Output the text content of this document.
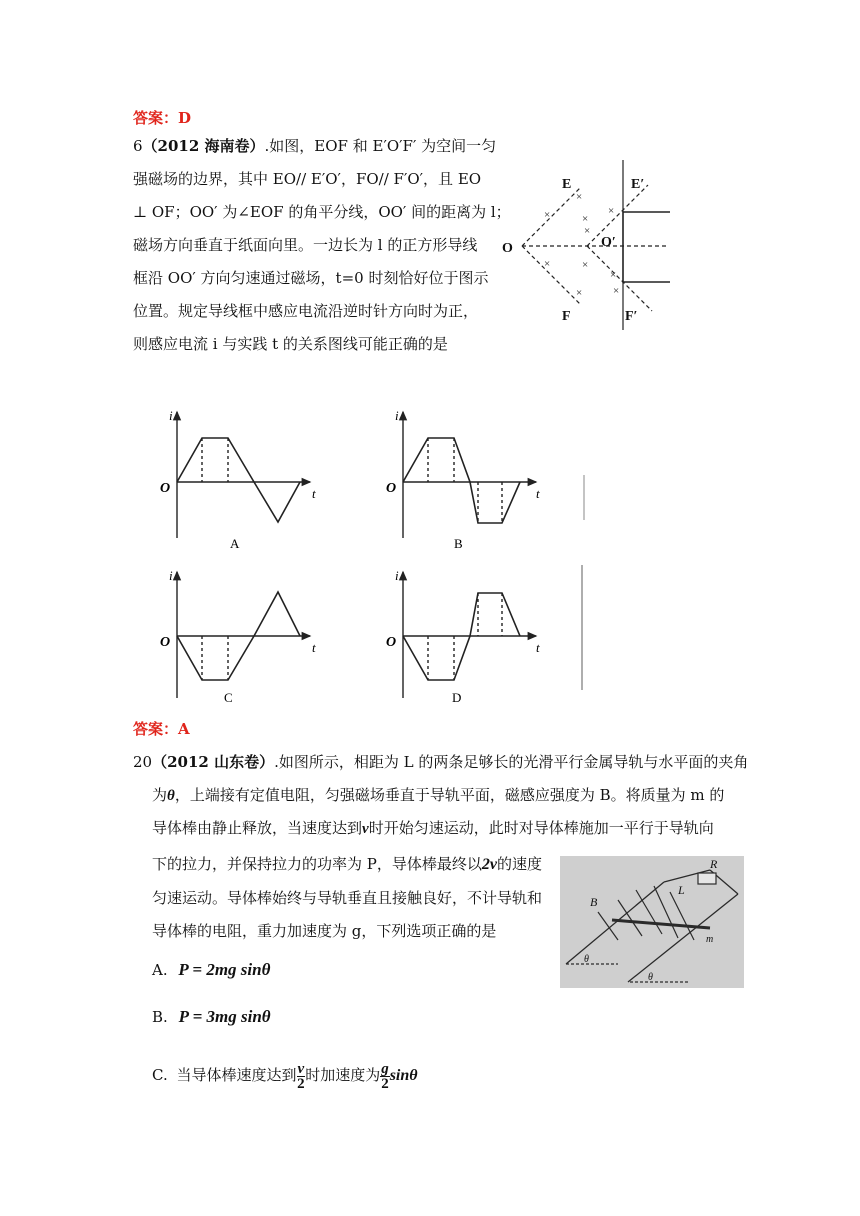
答案：D
6（2012 海南卷）.如图，EOF 和 E′O′F′ 为空间一匀
强磁场的边界，其中 EO// E′O′，FO// F′O′，且 EO
⊥ OF；OO′ 为∠EOF 的角平分线，OO′ 间的距离为 l；
磁场方向垂直于纸面向里。一边长为 l 的正方形导线
框沿 OO′ 方向匀速通过磁场，t=0 时刻恰好位于图示
位置。规定导线框中感应电流沿逆时针方向时为正，
则感应电流 i 与实践 t 的关系图线可能正确的是
×
×	×
×
×
×	×
×
×	×
E	E′
O	O′
F	F′
i
t
O
A
i
t
O
B
i
t
O
C
i
t
O
D
答案：A
20（2012 山东卷）.如图所示，相距为 L 的两条足够长的光滑平行金属导轨与水平面的夹角
为θ，上端接有定值电阻，匀强磁场垂直于导轨平面，磁感应强度为 B。将质量为 m 的
导体棒由静止释放，当速度达到v时开始匀速运动，此时对导体棒施加一平行于导轨向
下的拉力，并保持拉力的功率为 P，导体棒最终以2v的速度
匀速运动。导体棒始终与导轨垂直且接触良好，不计导轨和
导体棒的电阻，重力加速度为 g，下列选项正确的是
A. P = 2mg sinθ
B. P = 3mg sinθ
C. 当导体棒速度达到 $\frac{v}{2}$ 时加速度为 $\frac{g}{2}$ sinθ
R
L
B
m
θ
θ
